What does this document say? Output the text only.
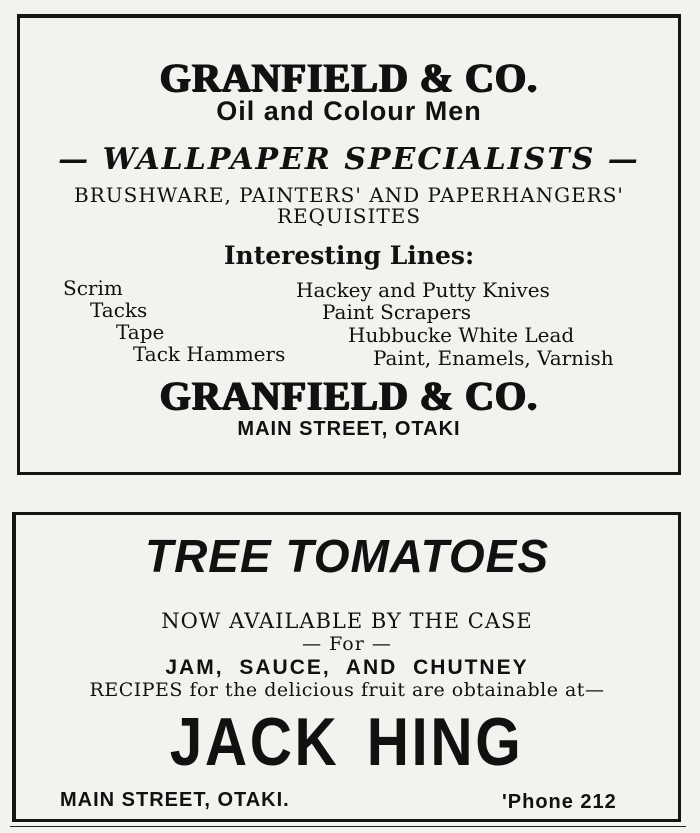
GRANFIELD & CO.
Oil and Colour Men
— WALLPAPER SPECIALISTS —
BRUSHWARE, PAINTERS' AND PAPERHANGERS'
REQUISITES
Interesting Lines:
Scrim
Tacks
Tape
Tack Hammers
Hackey and Putty Knives
Paint Scrapers
Hubbucke White Lead
Paint, Enamels, Varnish
GRANFIELD & CO.
MAIN STREET, OTAKI
TREE TOMATOES
NOW AVAILABLE BY THE CASE
— For —
JAM, SAUCE, AND CHUTNEY
RECIPES for the delicious fruit are obtainable at—
JACK HING
MAIN STREET, OTAKI.	'Phone 212
